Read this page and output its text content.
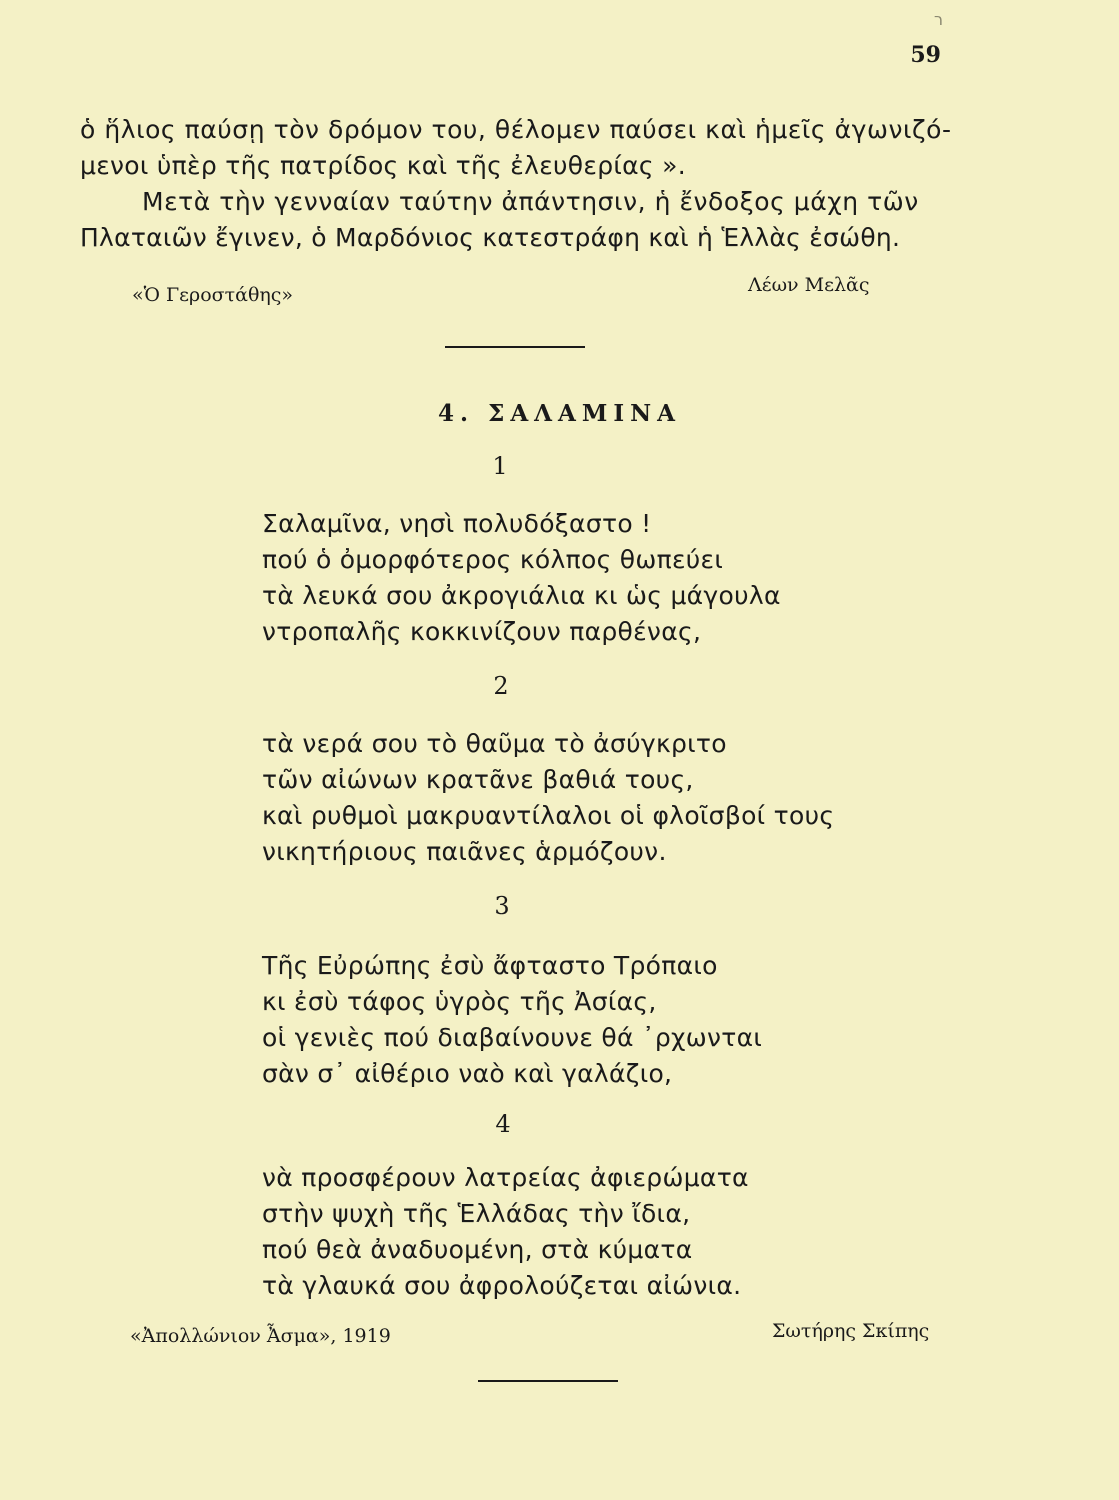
ר
59
ὁ ἥλιος παύσῃ τὸν δρόμον του, θέλομεν παύσει καὶ ἡμεῖς ἀγωνιζό-
μενοι ὑπὲρ τῆς πατρίδος καὶ τῆς ἐλευθερίας ».
Μετὰ τὴν γενναίαν ταύτην ἀπάντησιν, ἡ ἔνδοξος μάχη τῶν
Πλαταιῶν ἔγινεν, ὁ Μαρδόνιος κατεστράφη καὶ ἡ Ἑλλὰς ἐσώθη.
«Ὁ Γεροστάθης»	Λέων Μελᾶς
4. ΣΑΛΑΜΙΝΑ
1
Σαλαμῖνα, νησὶ πολυδόξαστο !
πού ὁ ὀμορφότερος κόλπος θωπεύει
τὰ λευκά σου ἀκρογιάλια κι ὡς μάγουλα
ντροπαλῆς κοκκινίζουν παρθένας,
2
τὰ νερά σου τὸ θαῦμα τὸ ἀσύγκριτο
τῶν αἰώνων κρατᾶνε βαθιά τους,
καὶ ρυθμοὶ μακρυαντίλαλοι οἱ φλοῖσβοί τους
νικητήριους παιᾶνες ἁρμόζουν.
3
Τῆς Εὐρώπης ἐσὺ ἄφταστο Τρόπαιο
κι ἐσὺ τάφος ὑγρὸς τῆς Ἀσίας,
οἱ γενιὲς πού διαβαίνουνε θά ᾽ρχωνται
σὰν σ᾽ αἰθέριο ναὸ καὶ γαλάζιο,
4
νὰ προσφέρουν λατρείας ἀφιερώματα
στὴν ψυχὴ τῆς Ἑλλάδας τὴν ἴδια,
πού θεὰ ἀναδυομένη, στὰ κύματα
τὰ γλαυκά σου ἀφρολούζεται αἰώνια.
«Ἀπολλώνιον Ἆσμα», 1919	Σωτήρης Σκίπης
